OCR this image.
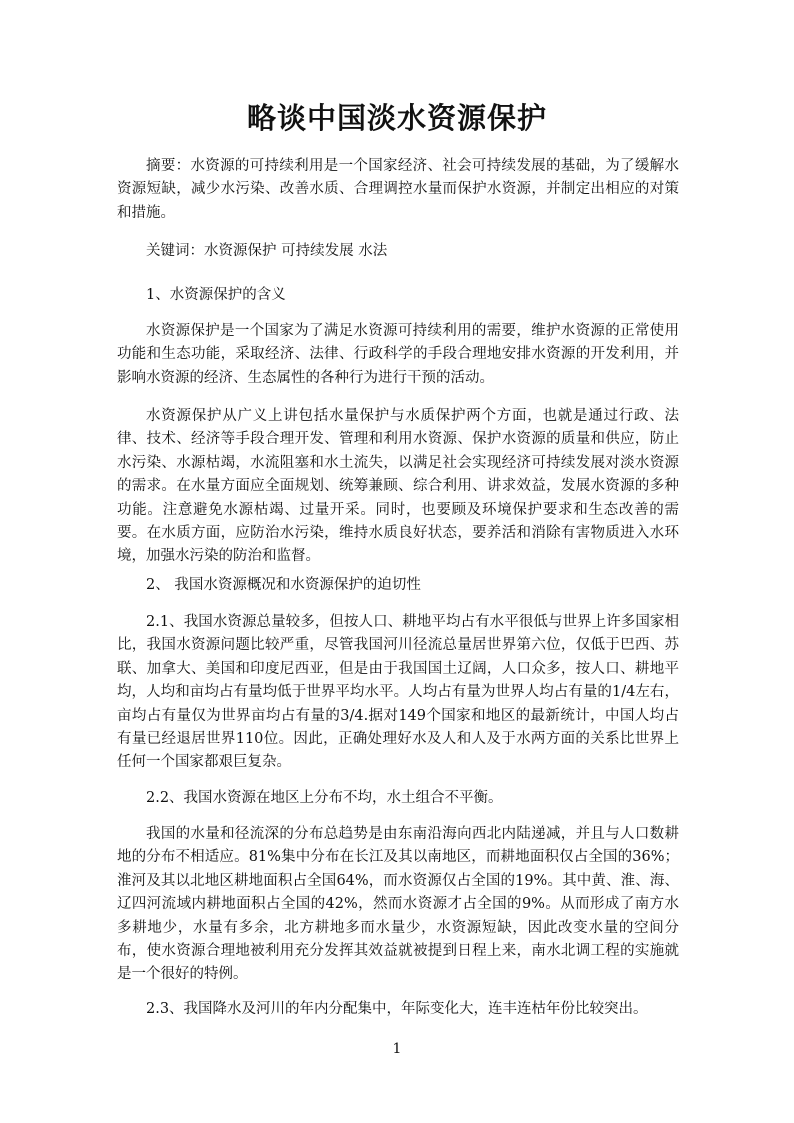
略谈中国淡水资源保护

摘要：水资源的可持续利用是一个国家经济、社会可持续发展的基础，为了缓解水资源短缺，减少水污染、改善水质、合理调控水量而保护水资源，并制定出相应的对策和措施。

关键词：水资源保护 可持续发展 水法

1、水资源保护的含义

水资源保护是一个国家为了满足水资源可持续利用的需要，维护水资源的正常使用功能和生态功能，采取经济、法律、行政科学的手段合理地安排水资源的开发利用，并影响水资源的经济、生态属性的各种行为进行干预的活动。

水资源保护从广义上讲包括水量保护与水质保护两个方面，也就是通过行政、法律、技术、经济等手段合理开发、管理和利用水资源、保护水资源的质量和供应，防止水污染、水源枯竭，水流阻塞和水土流失，以满足社会实现经济可持续发展对淡水资源的需求。在水量方面应全面规划、统筹兼顾、综合利用、讲求效益，发展水资源的多种功能。注意避免水源枯竭、过量开采。同时，也要顾及环境保护要求和生态改善的需要。在水质方面，应防治水污染，维持水质良好状态，要养活和消除有害物质进入水环境，加强水污染的防治和监督。

2、 我国水资源概况和水资源保护的迫切性

2.1、我国水资源总量较多，但按人口、耕地平均占有水平很低与世界上许多国家相比，我国水资源问题比较严重，尽管我国河川径流总量居世界第六位，仅低于巴西、苏联、加拿大、美国和印度尼西亚，但是由于我国国土辽阔，人口众多，按人口、耕地平均，人均和亩均占有量均低于世界平均水平。人均占有量为世界人均占有量的1/4左右，亩均占有量仅为世界亩均占有量的3/4.据对149个国家和地区的最新统计，中国人均占有量已经退居世界110位。因此，正确处理好水及人和人及于水两方面的关系比世界上任何一个国家都艰巨复杂。

2.2、我国水资源在地区上分布不均，水土组合不平衡。

我国的水量和径流深的分布总趋势是由东南沿海向西北内陆递减，并且与人口数耕地的分布不相适应。81%集中分布在长江及其以南地区，而耕地面积仅占全国的36%；淮河及其以北地区耕地面积占全国64%，而水资源仅占全国的19%。其中黄、淮、海、辽四河流域内耕地面积占全国的42%，然而水资源才占全国的9%。从而形成了南方水多耕地少，水量有多余，北方耕地多而水量少，水资源短缺，因此改变水量的空间分布，使水资源合理地被利用充分发挥其效益就被提到日程上来，南水北调工程的实施就是一个很好的特例。

2.3、我国降水及河川的年内分配集中，年际变化大，连丰连枯年份比较突出。

1
